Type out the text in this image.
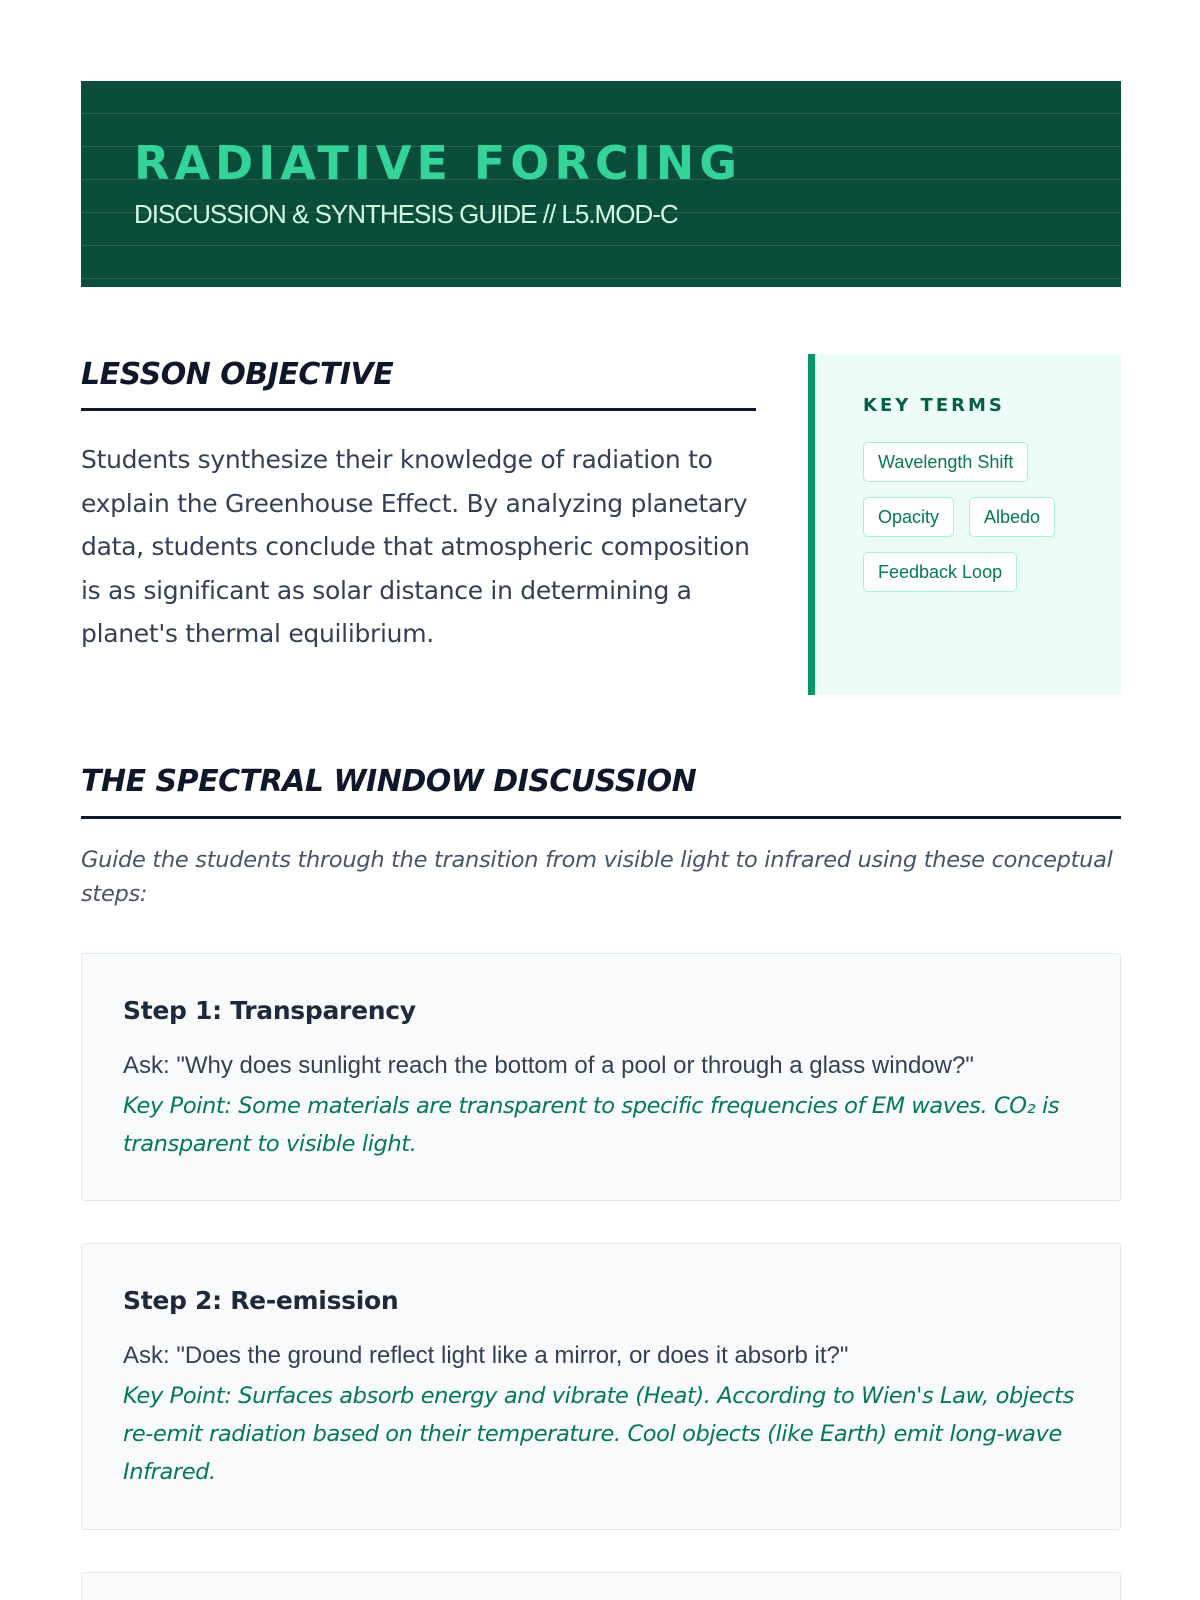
RADIATIVE FORCING
DISCUSSION & SYNTHESIS GUIDE // L5.MOD-C
LESSON OBJECTIVE

Students synthesize their knowledge of radiation to explain the Greenhouse Effect. By analyzing planetary data, students conclude that atmospheric composition is as significant as solar distance in determining a planet's thermal equilibrium.

KEY TERMS
Wavelength Shift
Opacity	Albedo
Feedback Loop
THE SPECTRAL WINDOW DISCUSSION

Guide the students through the transition from visible light to infrared using these conceptual steps:

Step 1: Transparency

Ask: "Why does sunlight reach the bottom of a pool or through a glass window?"

Key Point: Some materials are transparent to specific frequencies of EM waves. CO₂ is transparent to visible light.

Step 2: Re-emission

Ask: "Does the ground reflect light like a mirror, or does it absorb it?"

Key Point: Surfaces absorb energy and vibrate (Heat). According to Wien's Law, objects re-emit radiation based on their temperature. Cool objects (like Earth) emit long-wave Infrared.
